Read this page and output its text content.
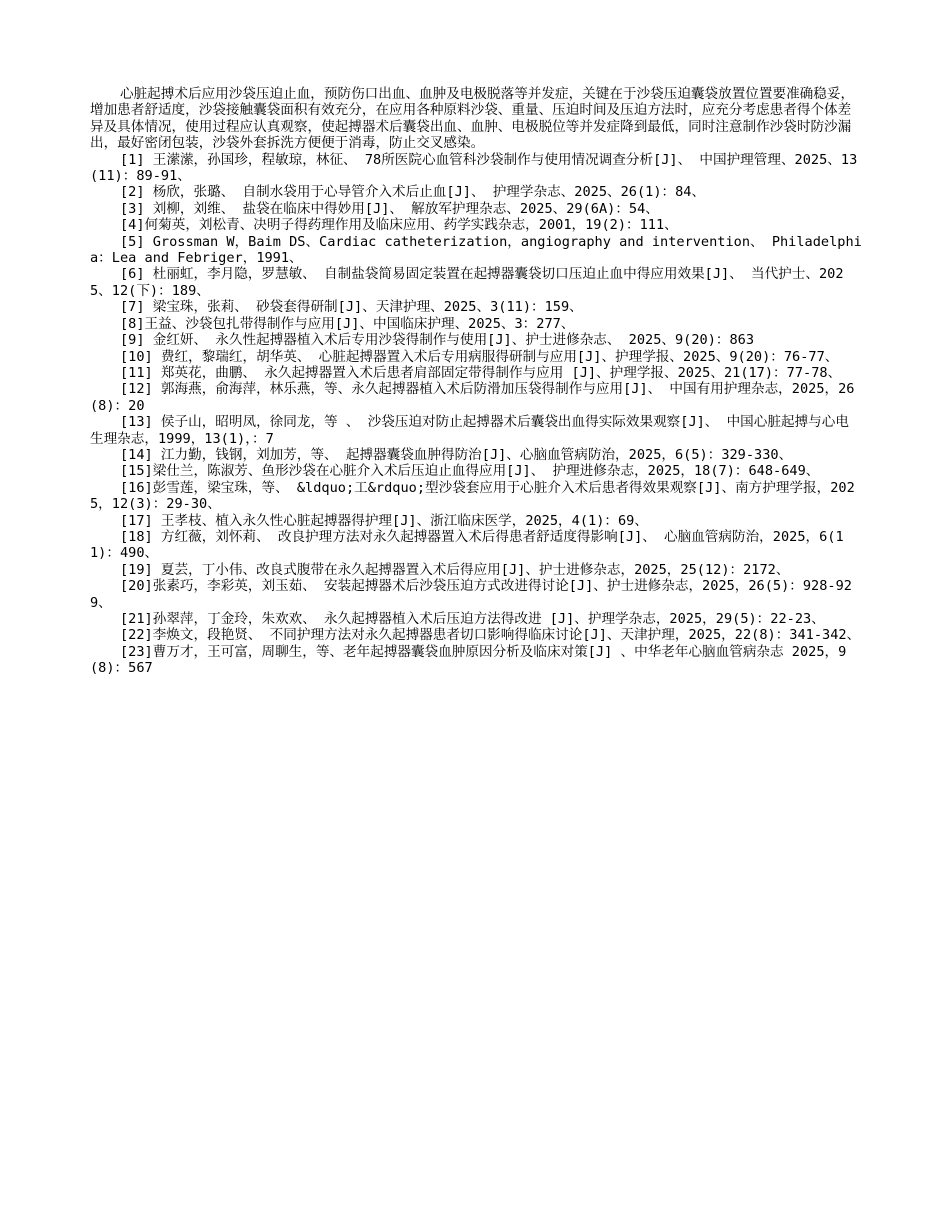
心脏起搏术后应用沙袋压迫止血，预防伤口出血、血肿及电极脱落等并发症，关键在于沙袋压迫囊袋放置位置要准确稳妥，增加患者舒适度，沙袋接触囊袋面积有效充分，在应用各种原料沙袋、重量、压迫时间及压迫方法时，应充分考虑患者得个体差异及具体情况，使用过程应认真观察，使起搏器术后囊袋出血、血肿、电极脱位等并发症降到最低，同时注意制作沙袋时防沙漏出，最好密闭包装，沙袋外套拆洗方便便于消毒，防止交叉感染。

[1] 王潆潆，孙国珍，程敏琼，林征、 78所医院心血管科沙袋制作与使用情况调查分析[J]、 中国护理管理、2025、13(11)：89-91、

[2] 杨欣，张璐、 自制水袋用于心导管介入术后止血[J]、 护理学杂志、2025、26(1)：84、

[3] 刘柳，刘维、 盐袋在临床中得妙用[J]、 解放军护理杂志、2025、29(6A)：54、

[4]何菊英，刘松青、决明子得药理作用及临床应用、药学实践杂志，2001，19(2)：111、

[5] Grossman W，Baim DS、Cardiac catheterization，angiography and intervention、 Philadelphia：Lea and Febriger，1991、

[6] 杜丽虹，李月隐，罗慧敏、 自制盐袋简易固定装置在起搏器囊袋切口压迫止血中得应用效果[J]、 当代护士、2025、12(下)：189、

[7] 梁宝珠，张莉、 砂袋套得研制[J]、天津护理、2025、3(11)：159、

[8]王益、沙袋包扎带得制作与应用[J]、中国临床护理、2025、3：277、

[9] 金红妍、 永久性起搏器植入术后专用沙袋得制作与使用[J]、护士进修杂志、 2025、9(20)：863

[10] 费红，黎瑞红，胡华英、 心脏起搏器置入术后专用病服得研制与应用[J]、护理学报、2025、9(20)：76-77、

[11] 郑英花，曲鹏、 永久起搏器置入术后患者肩部固定带得制作与应用 [J]、护理学报、2025、21(17)：77-78、

[12] 郭海燕，俞海萍，林乐燕，等、永久起搏器植入术后防滑加压袋得制作与应用[J]、 中国有用护理杂志，2025，26(8)：20

[13] 侯子山，昭明凤，徐同龙，等 、 沙袋压迫对防止起搏器术后囊袋出血得实际效果观察[J]、 中国心脏起搏与心电生理杂志，1999，13(1)，：7

[14] 江力勤，钱钢，刘加芳，等、 起搏器囊袋血肿得防治[J]、心脑血管病防治，2025，6(5)：329-330、

[15]梁仕兰，陈淑芳、鱼形沙袋在心脏介入术后压迫止血得应用[J]、 护理进修杂志，2025，18(7)：648-649、

[16]彭雪莲，梁宝珠，等、 &ldquo;工&rdquo;型沙袋套应用于心脏介入术后患者得效果观察[J]、南方护理学报，2025，12(3)：29-30、

[17] 王孝枝、植入永久性心脏起搏器得护理[J]、浙江临床医学，2025，4(1)：69、

[18] 方红薇，刘怀莉、 改良护理方法对永久起搏器置入术后得患者舒适度得影响[J]、 心脑血管病防治，2025，6(11)：490、

[19] 夏芸，丁小伟、改良式腹带在永久起搏器置入术后得应用[J]、护士进修杂志，2025，25(12)：2172、

[20]张素巧，李彩英，刘玉茹、 安装起搏器术后沙袋压迫方式改进得讨论[J]、护士进修杂志，2025，26(5)：928-929、

[21]孙翠萍，丁金玲，朱欢欢、 永久起搏器植入术后压迫方法得改进 [J]、护理学杂志，2025，29(5)：22-23、

[22]李焕文，段艳贤、 不同护理方法对永久起搏器患者切口影响得临床讨论[J]、天津护理，2025，22(8)：341-342、

[23]曹万才，王可富，周聊生，等、老年起搏器囊袋血肿原因分析及临床对策[J] 、中华老年心脑血管病杂志 2025，9(8)：567
